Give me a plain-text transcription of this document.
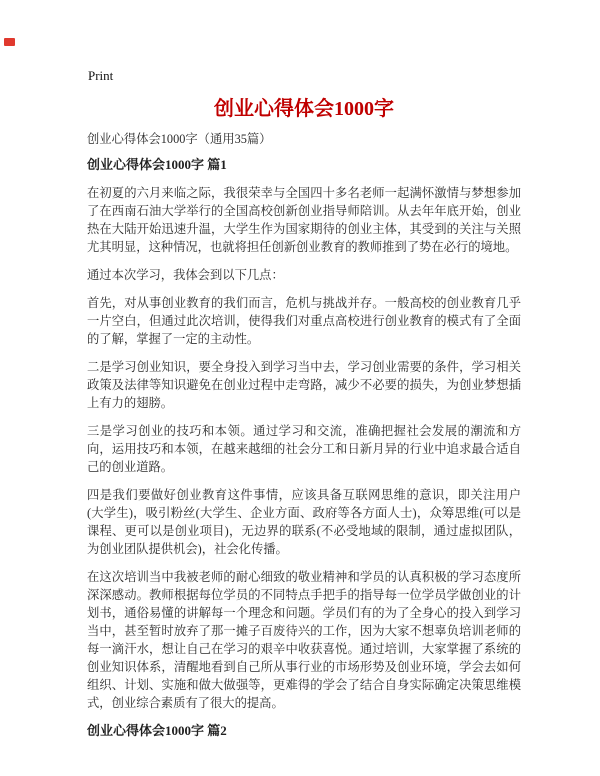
Print
创业心得体会1000字
创业心得体会1000字（通用35篇）
创业心得体会1000字 篇1

在初夏的六月来临之际，我很荣幸与全国四十多名老师一起满怀激情与梦想参加了在西南石油大学举行的全国高校创新创业指导师陪训。从去年年底开始，创业热在大陆开始迅速升温，大学生作为国家期待的创业主体，其受到的关注与关照尤其明显，这种情况，也就将担任创新创业教育的教师推到了势在必行的境地。

通过本次学习，我体会到以下几点：

首先，对从事创业教育的我们而言，危机与挑战并存。一般高校的创业教育几乎一片空白，但通过此次培训，使得我们对重点高校进行创业教育的模式有了全面的了解，掌握了一定的主动性。

二是学习创业知识，要全身投入到学习当中去，学习创业需要的条件，学习相关政策及法律等知识避免在创业过程中走弯路，减少不必要的损失，为创业梦想插上有力的翅膀。

三是学习创业的技巧和本领。通过学习和交流，准确把握社会发展的潮流和方向，运用技巧和本领，在越来越细的社会分工和日新月异的行业中追求最合适自己的创业道路。

四是我们要做好创业教育这件事情，应该具备互联网思维的意识，即关注用户(大学生)，吸引粉丝(大学生、企业方面、政府等各方面人士)，众筹思维(可以是课程、更可以是创业项目)，无边界的联系(不必受地域的限制，通过虚拟团队，为创业团队提供机会)，社会化传播。

在这次培训当中我被老师的耐心细致的敬业精神和学员的认真积极的学习态度所深深感动。教师根据每位学员的不同特点手把手的指导每一位学员学做创业的计划书，通俗易懂的讲解每一个理念和问题。学员们有的为了全身心的投入到学习当中，甚至暂时放弃了那一摊子百废待兴的工作，因为大家不想辜负培训老师的每一滴汗水，想让自己在学习的艰辛中收获喜悦。通过培训，大家掌握了系统的创业知识体系，清醒地看到自己所从事行业的市场形势及创业环境，学会去如何组织、计划、实施和做大做强等，更难得的学会了结合自身实际确定决策思维模式，创业综合素质有了很大的提高。

创业心得体会1000字 篇2
